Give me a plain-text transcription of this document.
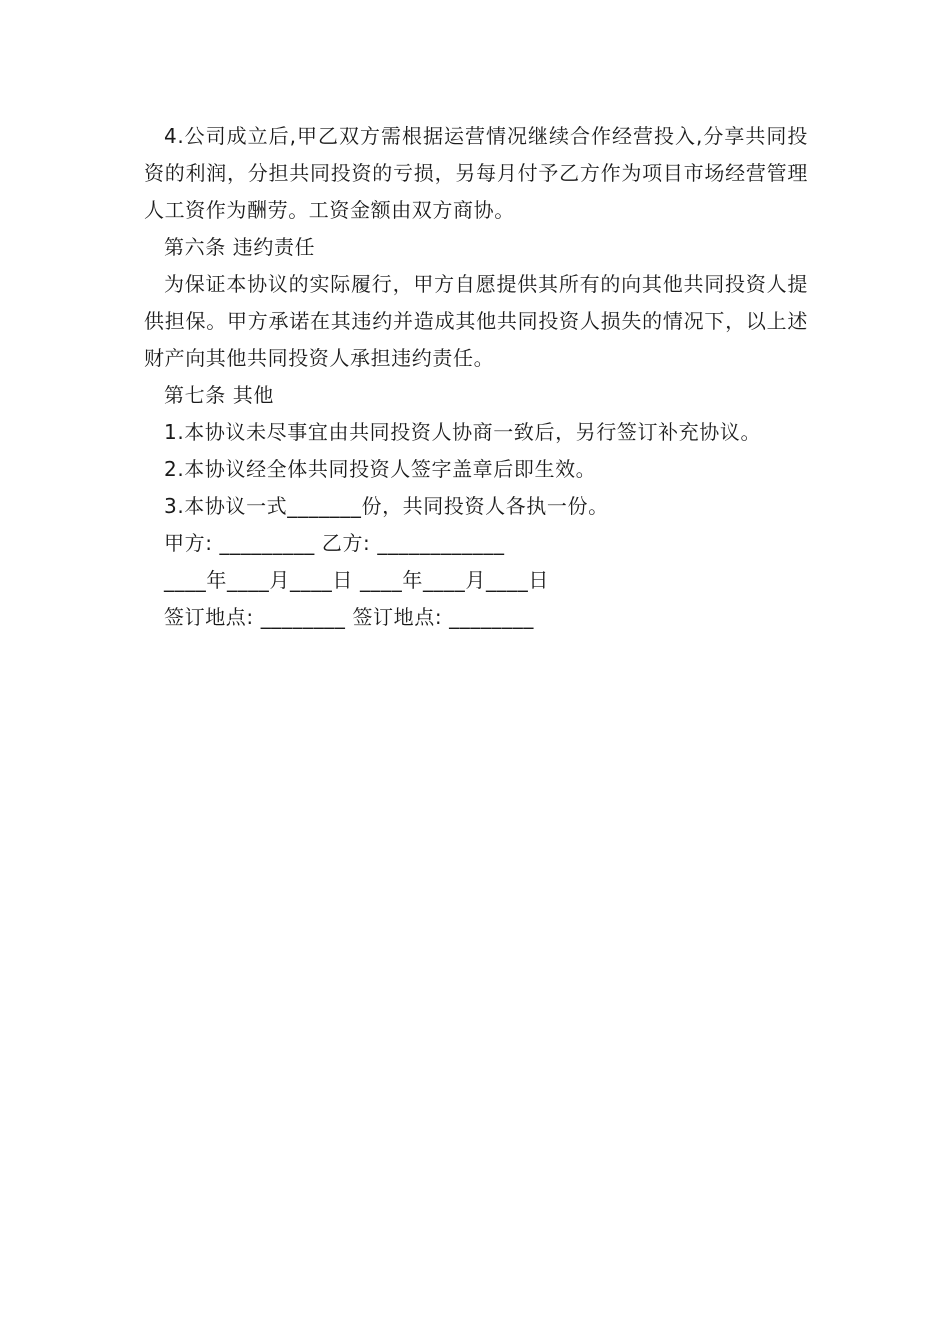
4.公司成立后,甲乙双方需根据运营情况继续合作经营投入,分享共同投资的利润，分担共同投资的亏损，另每月付予乙方作为项目市场经营管理人工资作为酬劳。工资金额由双方商协。

第六条 违约责任

为保证本协议的实际履行，甲方自愿提供其所有的向其他共同投资人提供担保。甲方承诺在其违约并造成其他共同投资人损失的情况下，以上述财产向其他共同投资人承担违约责任。

第七条 其他

1.本协议未尽事宜由共同投资人协商一致后，另行签订补充协议。

2.本协议经全体共同投资人签字盖章后即生效。

3.本协议一式_______份，共同投资人各执一份。

甲方: _________ 乙方: ____________

____年____月____日 ____年____月____日

签订地点: ________ 签订地点: ________
